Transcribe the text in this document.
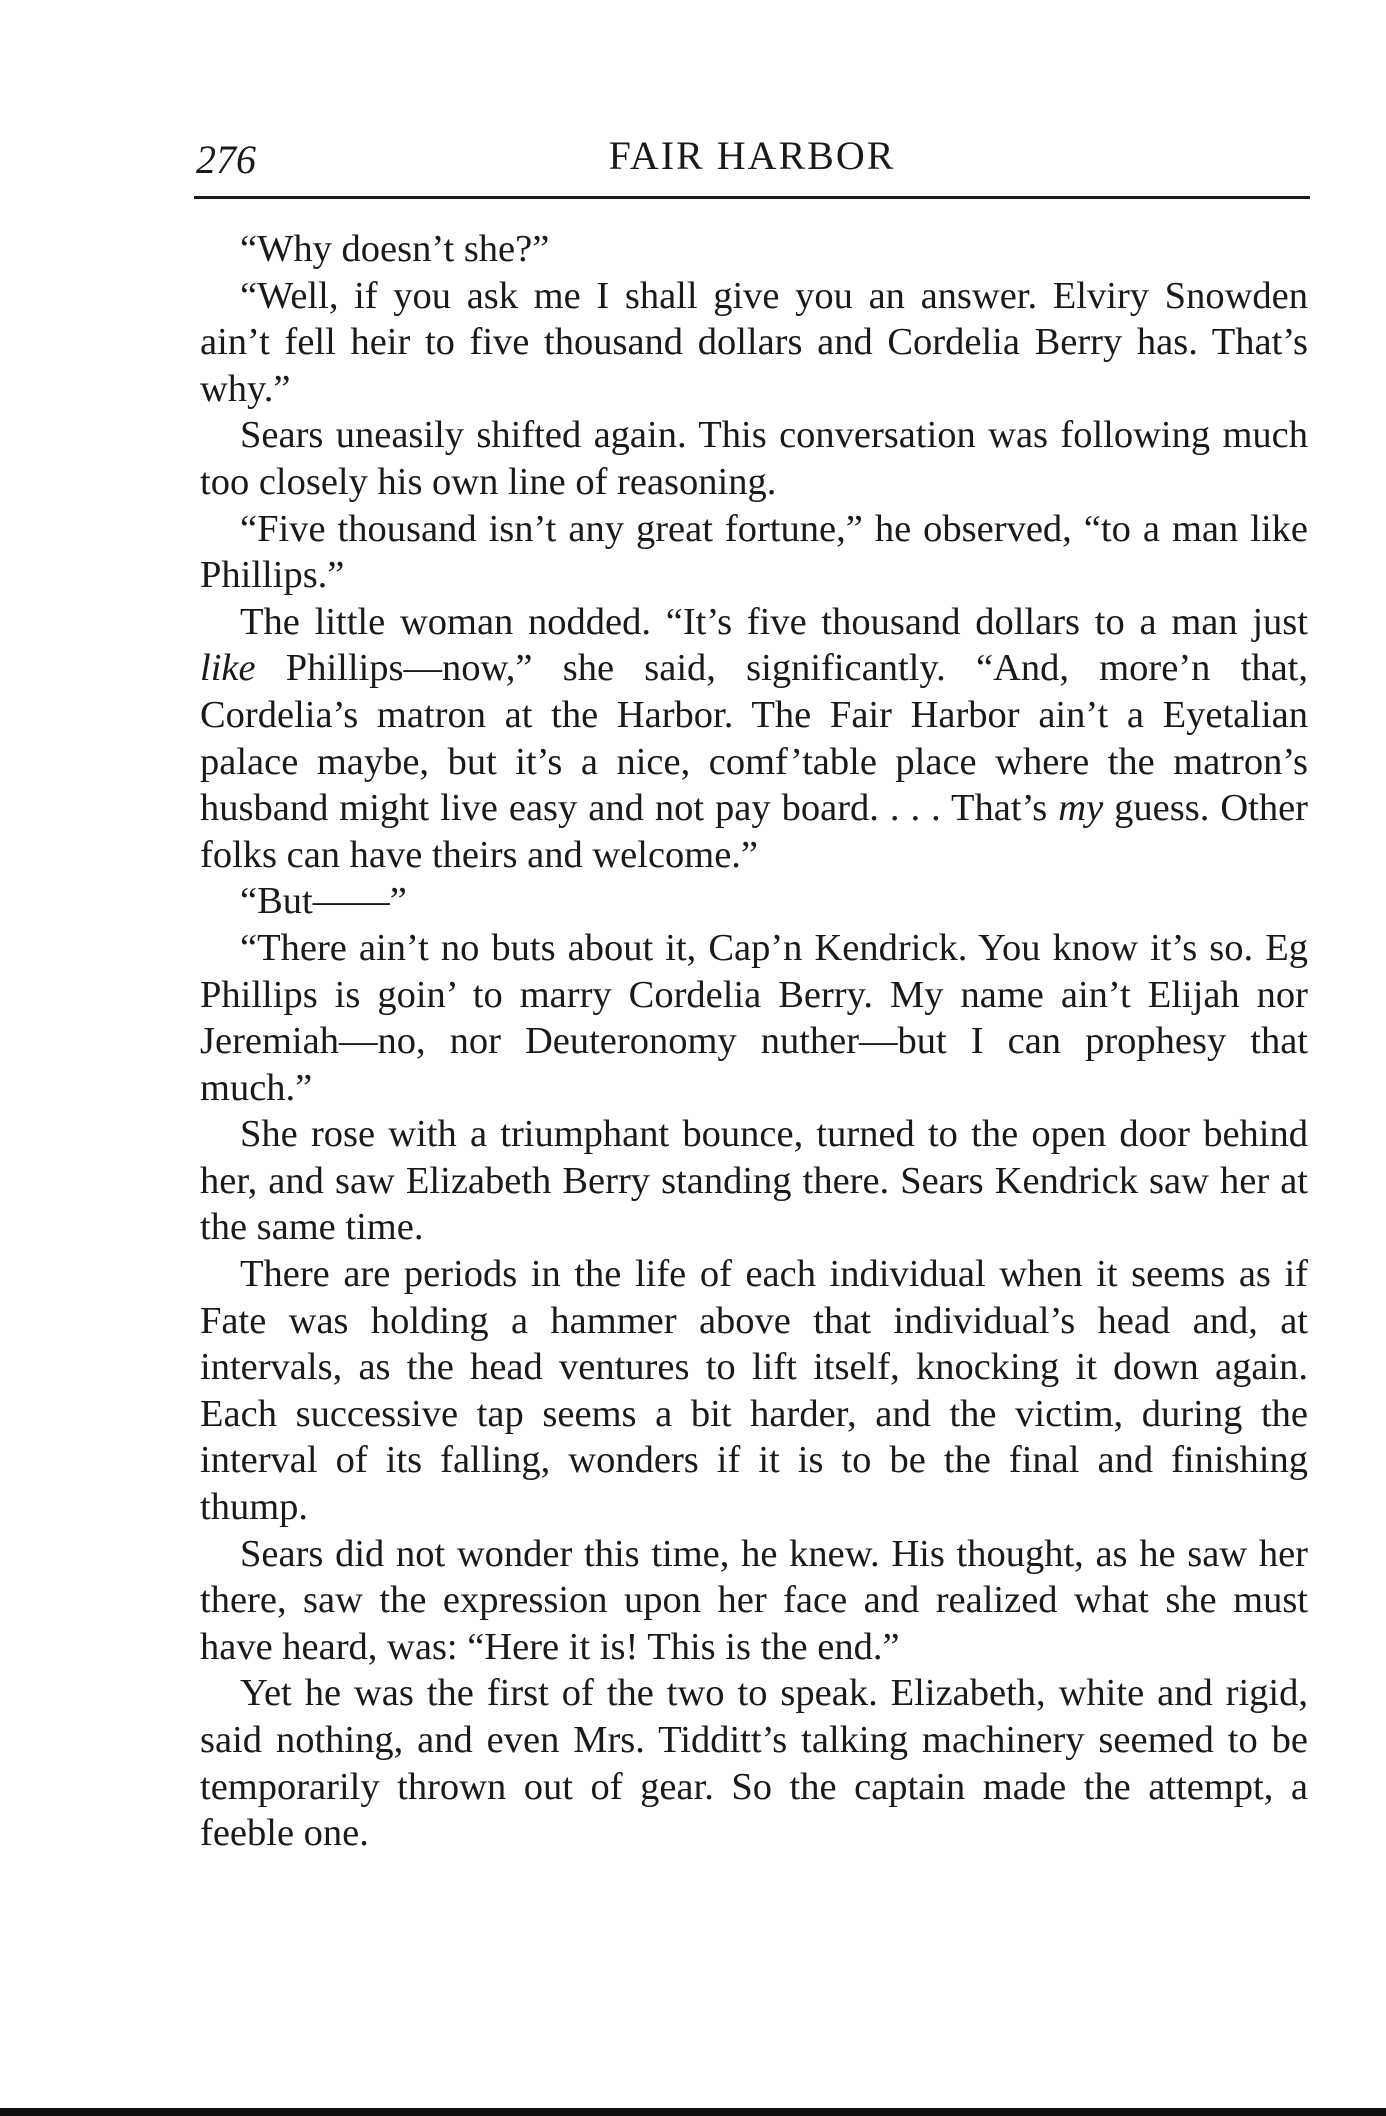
276	FAIR HARBOR

“Why doesn’t she?”

“Well, if you ask me I shall give you an answer. Elviry Snowden ain’t fell heir to five thousand dollars and Cordelia Berry has. That’s why.”

Sears uneasily shifted again. This conversation was following much too closely his own line of reasoning.

“Five thousand isn’t any great fortune,” he observed, “to a man like Phillips.”

The little woman nodded. “It’s five thousand dollars to a man just like Phillips—now,” she said, significantly. “And, more’n that, Cordelia’s matron at the Harbor. The Fair Harbor ain’t a Eyetalian palace maybe, but it’s a nice, comf’table place where the matron’s husband might live easy and not pay board. . . . That’s my guess. Other folks can have theirs and welcome.”

“But——”

“There ain’t no buts about it, Cap’n Kendrick. You know it’s so. Eg Phillips is goin’ to marry Cordelia Berry. My name ain’t Elijah nor Jeremiah—no, nor Deuteronomy nuther—but I can prophesy that much.”

She rose with a triumphant bounce, turned to the open door behind her, and saw Elizabeth Berry standing there. Sears Kendrick saw her at the same time.

There are periods in the life of each individual when it seems as if Fate was holding a hammer above that individual’s head and, at intervals, as the head ventures to lift itself, knocking it down again. Each successive tap seems a bit harder, and the victim, during the interval of its falling, wonders if it is to be the final and finishing thump.

Sears did not wonder this time, he knew. His thought, as he saw her there, saw the expression upon her face and realized what she must have heard, was: “Here it is! This is the end.”

Yet he was the first of the two to speak. Elizabeth, white and rigid, said nothing, and even Mrs. Tidditt’s talking machinery seemed to be temporarily thrown out of gear. So the captain made the attempt, a feeble one.
